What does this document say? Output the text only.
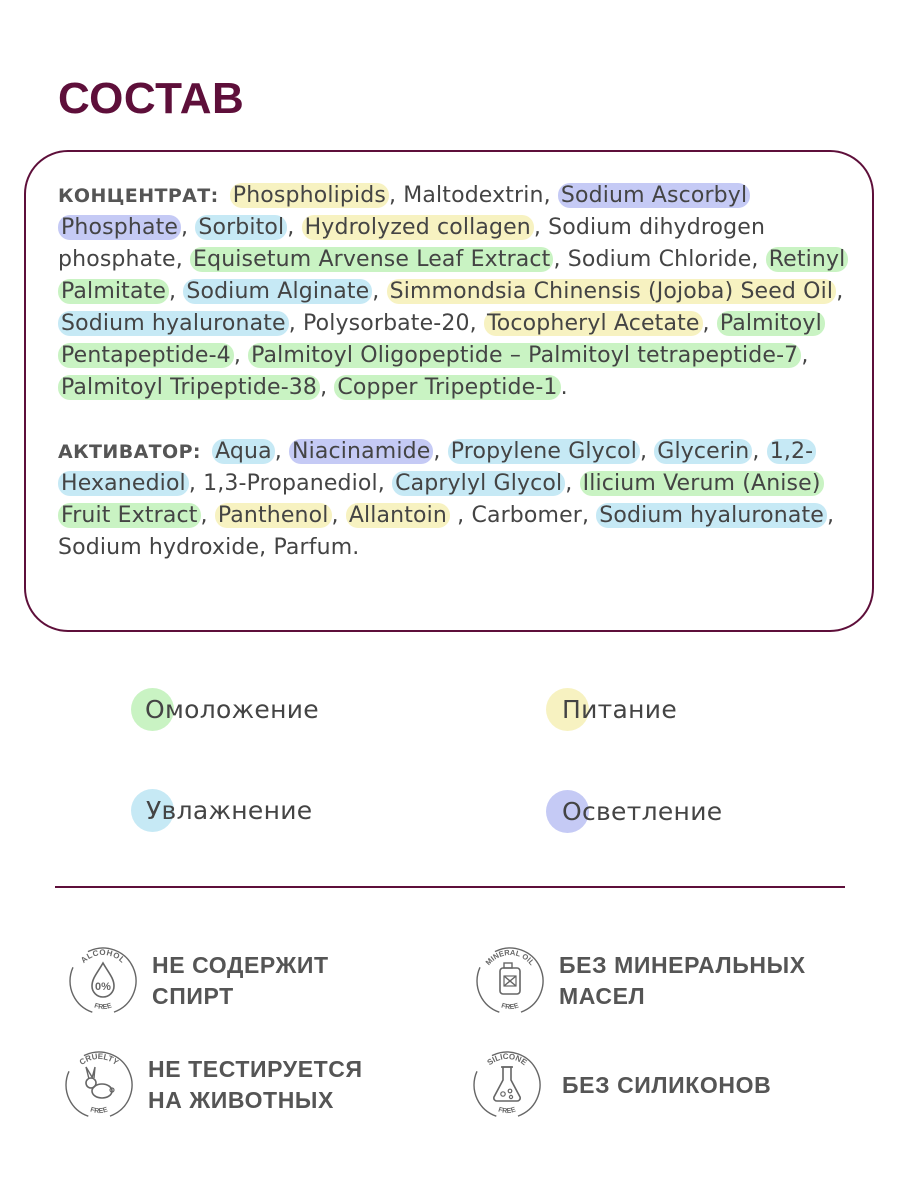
СОСТАВ

КОНЦЕНТРАТ: Phospholipids , Maltodextrin, Sodium Ascorbyl Phosphate , Sorbitol , Hydrolyzed collagen , Sodium dihydrogen phosphate, Equisetum Arvense Leaf Extract , Sodium Chloride, Retinyl Palmitate , Sodium Alginate , Simmondsia Chinensis (Jojoba) Seed Oil , Sodium hyaluronate , Polysorbate-20, Tocopheryl Acetate , Palmitoyl Pentapeptide-4 , Palmitoyl Oligopeptide – Palmitoyl tetrapeptide-7 , Palmitoyl Tripeptide-38 , Copper Tripeptide-1 .

АКТИВАТОР: Aqua , Niacinamide , Propylene Glycol , Glycerin , 1,2-Hexanediol , 1,3-Propanediol, Caprylyl Glycol , Ilicium Verum (Anise) Fruit Extract , Panthenol , Allantoin , Carbomer, Sodium hyaluronate , Sodium hydroxide, Parfum.

Омоложение	Питание
Увлажнение	Осветление
ALCOHOL
FREE
0%
НЕ СОДЕРЖИТ
СПИРТ
MINERAL OIL
FREE
БЕЗ МИНЕРАЛЬНЫХ
МАСЕЛ
CRUELTY
FREE
НЕ ТЕСТИРУЕТСЯ
НА ЖИВОТНЫХ
SILICONE
FREE
БЕЗ СИЛИКОНОВ
